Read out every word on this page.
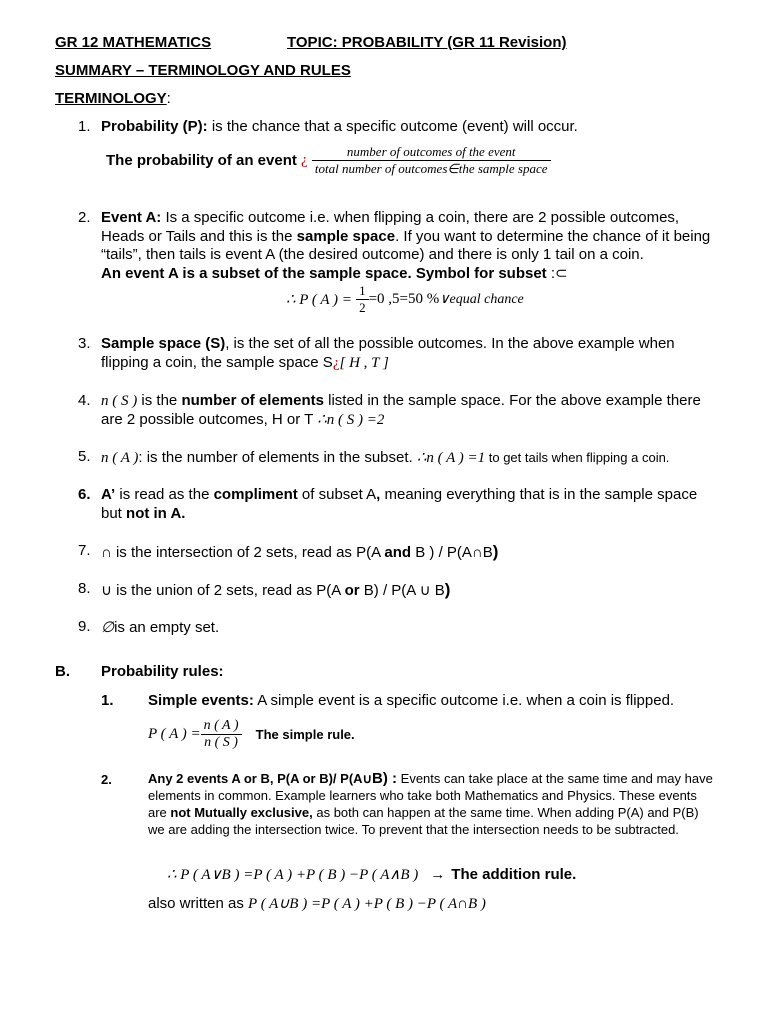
GR 12 MATHEMATICS	TOPIC: PROBABILITY (GR 11 Revision)
SUMMARY – TERMINOLOGY AND RULES
TERMINOLOGY:
1. Probability (P): is the chance that a specific outcome (event) will occur.
The probability of an event ¿ $\frac{\text{number of outcomes of the event}}{\text{total number of outcomes∈the sample space}}$
2. Event A: Is a specific outcome i.e. when flipping a coin, there are 2 possible outcomes, Heads or Tails and this is the sample space. If you want to determine the chance of it being “tails”, then tails is event A (the desired outcome) and there is only 1 tail on a coin.
An event A is a subset of the sample space. Symbol for subset :⊂
∴ P ( A ) = $\frac{1}{2} =0$ ,5=50 %∨equal chance
3. Sample space (S), is the set of all the possible outcomes. In the above example when flipping a coin, the sample space S¿[ H , T ]
4. n ( S ) is the number of elements listed in the sample space. For the above example there are 2 possible outcomes, H or T ∴n ( S ) =2
5. n ( A ): is the number of elements in the subset. ∴n ( A ) =1 to get tails when flipping a coin.
6. A’ is read as the compliment of subset A, meaning everything that is in the sample space but not in A.
7. ∩ is the intersection of 2 sets, read as P(A and B ) / P(A∩B)
8. ∪ is the union of 2 sets, read as P(A or B) / P(A ∪ B)
9. ∅is an empty set.
B. Probability rules:
1. Simple events: A simple event is a specific outcome i.e. when a coin is flipped.
P ( A ) = $\frac{n ( A )}{n ( S )}$ The simple rule.
2.	Any 2 events A or B, P(A or B)/ P(A∪B) : Events can take place at the same time and may have elements in common. Example learners who take both Mathematics and Physics. These events are not Mutually exclusive, as both can happen at the same time. When adding P(A) and P(B) we are adding the intersection twice. To prevent that the intersection needs to be subtracted.
∴ P ( A∨B ) =P ( A ) +P ( B ) −P ( A∧B ) → The addition rule.
also written as P ( A∪B ) =P ( A ) +P ( B ) −P ( A∩B )
